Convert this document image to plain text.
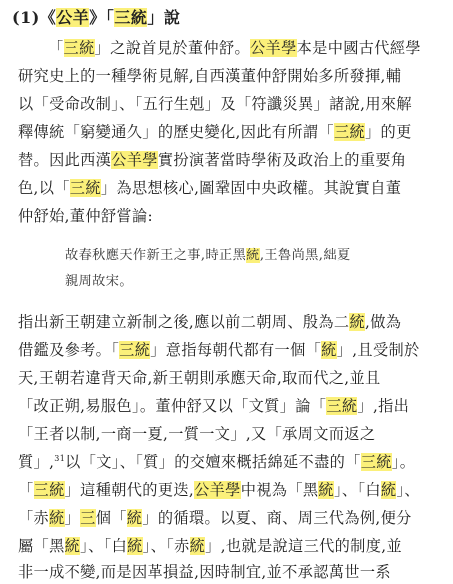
(1)《公羊》「三統」說
「三統」之說首見於董仲舒。公羊學本是中國古代經學
研究史上的一種學術見解,自西漢董仲舒開始多所發揮,輔
以「受命改制」、「五行生剋」及「符讖災異」諸說,用來解
釋傳統「窮變通久」的歷史變化,因此有所謂「三統」的更
替。因此西漢公羊學實扮演著當時學術及政治上的重要角
色,以「三統」為思想核心,圖鞏固中央政權。其說實自董
仲舒始,董仲舒嘗論:
故春秋應天作新王之事,時正黑統,王魯尚黑,絀夏
親周故宋。
指出新王朝建立新制之後,應以前二朝周、殷為二統,做為
借鑑及參考。「三統」意指每朝代都有一個「統」,且受制於
天,王朝若違背天命,新王朝則承應天命,取而代之,並且
「改正朔,易服色」。董仲舒又以「文質」論「三統」,指出
「王者以制,一商一夏,一質一文」,又「承周文而返之
質」,$^{31}$以「文」、「質」的交嬗來概括綿延不盡的「三統」。
「三統」這種朝代的更迭,公羊學中視為「黑統」、「白統」、
「赤統」三個「統」的循環。以夏、商、周三代為例,便分
屬「黑統」、「白統」、「赤統」,也就是說這三代的制度,並
非一成不變,而是因革損益,因時制宜,並不承認萬世一系
